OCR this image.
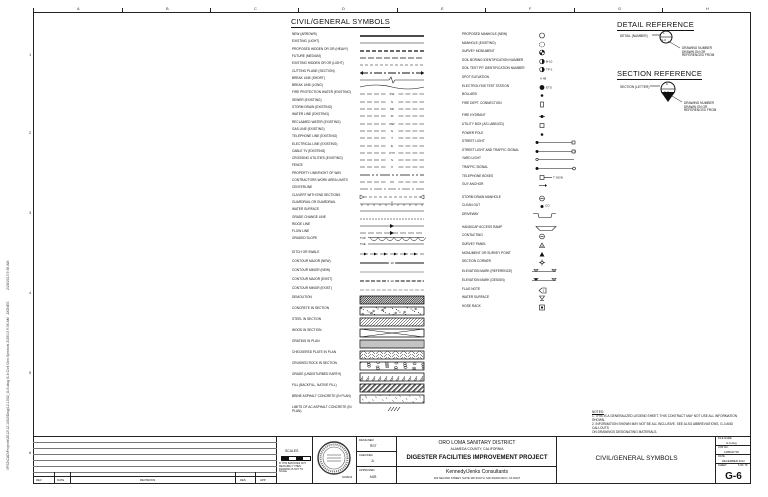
A	B	C	D	E	F	G	H
1
2
3
4
5
6
\\FS2\CAD\Projects\2012\12-1002\Dwg\12-1002_G-6.dwg G-6 Civil Gen Symbols 2/28/13 9:36 AM
JJONES
2/28/2013 9:36 AM
CIVIL/GENERAL SYMBOLS
NEW (ARROWS)
EXISTING (LIGHT)
PROPOSED HIDDEN OR OR (HEAVY)
FUTURE (MEDIUM)
EXISTING HIDDEN OR OR (LIGHT)
CUTTING PLANE (SECTION)
BREAK LINE (SHORT)
BREAK LINE (LONG)
FIRE PROTECTION WATER (EXISTING)
FW
SEWER (EXISTING)
S
STORM DRAIN (EXISTING)
SD
WATER LINE (EXISTING)
W
RECLAIMED WATER (EXISTING)
RW
GAS LINE (EXISTING)
G
TELEPHONE LINE (EXISTING)
T
ELECTRICAL LINE (EXISTING)
E
CABLE TV (EXISTING)
CTV
CROSSING UTILITIES (EXISTING)
S
FENCE
X
PROPERTY LINE/RIGHT OF WAY
CONTRACTORS WORK AREA LIMITS
XX
CENTERLINE
CULVERT WITH END SECTIONS
GUARDRAIL OR GUARDRAIL	o
WATER SURFACE
GRADE CHANGE LINE
RIDGE LINE
FLOW LINE
GRADED SLOPE	TOP
TOE
DITCH OR SWALE
CONTOUR MAJOR (NEW)
10
CONTOUR MINOR (NEW)
CONTOUR MAJOR (EXIST)
10
CONTOUR MINOR (EXIST)
DEMOLITION
CONCRETE IN SECTION
STEEL IN SECTION
WOOD IN SECTION
GRATING IN PLAN
CHECKERED PLATE IN PLAN
CRUSHED ROCK IN SECTION
GRADE (UNDISTURBED EARTH)
FILL (BACKFILL, NATIVE FILL)
BRINE ASPHALT CONCRETE (IN PLAN)
LIMITS OF AC ASPHALT CONCRETE (IN PLAN)
PROPOSED MANHOLE (NEW)
MANHOLE (EXISTING)
SURVEY MONUMENT
SOIL BORING IDENTIFICATION NUMBER	B-10
SOIL TEST PIT IDENTIFICATION NUMBER	TP-1
SPOT ELEVATION	X 48
ELECTROLYSIS TEST STATION	ETS
BOLLARD
FIRE DEPT. CONNECTION
FIRE HYDRANT
UTILITY BOX (AS LABELED)
POWER POLE
STREET LIGHT
STREET LIGHT AND TRAFFIC SIGNAL
YARD LIGHT
TRAFFIC SIGNAL
TELEPHONE BOXES	T SIGN
GUY ANCHOR
STORM DRAIN MANHOLE
CLEAN OUT	CO
DRIVEWAY
HANDICAP ACCESS RAMP
CONTACTING
SURVEY PANEL
MONUMENT OR SURVEY POINT
SECTION CORNER
ELEVATION MARK (REFERENCE)
ELEVATION MARK (DESIGN)
FLAG NOTE	1
WATER SURFACE
HOSE RACK
DETAIL REFERENCE
DETAIL (NUMBER)
1
G-6
DRAWING NUMBER DRAWN ON OR REFERENCED FROM
SECTION REFERENCE
SECTION (LETTER)
A
G-6
DRAWING NUMBER DRAWN ON OR REFERENCED FROM
NOTES:
1. THIS IS A GENERALIZED LEGEND SHEET. THIS CONTRACT MAY NOT USE ALL INFORMATION SHOWN.
2. INFORMATION SHOWN MAY NOT BE ALL INCLUSIVE. SEE ALSO ABBREVIATIONS, G-3 AND CALLOUTS
ON DRAWINGS DESIGNATING MATERIALS.
REV	DATE	REVISIONS	DES	APP
SCALES
IF THIS BAR DOES NOT MEASURE 1" THEN DRAWING IS NOT TO SCALE
02/28/13
DESIGNED
RGT
CHECKED
JL
APPROVED
MJB
ORO LOMA SANITARY DISTRICT
ALAMEDA COUNTY, CALIFORNIA
DIGESTER FACILITIES IMPROVEMENT PROJECT
Kennedy/Jenks Consultants
303 SECOND STREET, SUITE 300 SOUTH, SAN FRANCISCO, CA 94107
CIVIL/GENERAL SYMBOLS
FILE NAME
G-6.dwg
JOB NO.
1286011*00
DATE
DECEMBER 2012
SHEET	6 OF 79
G-6
